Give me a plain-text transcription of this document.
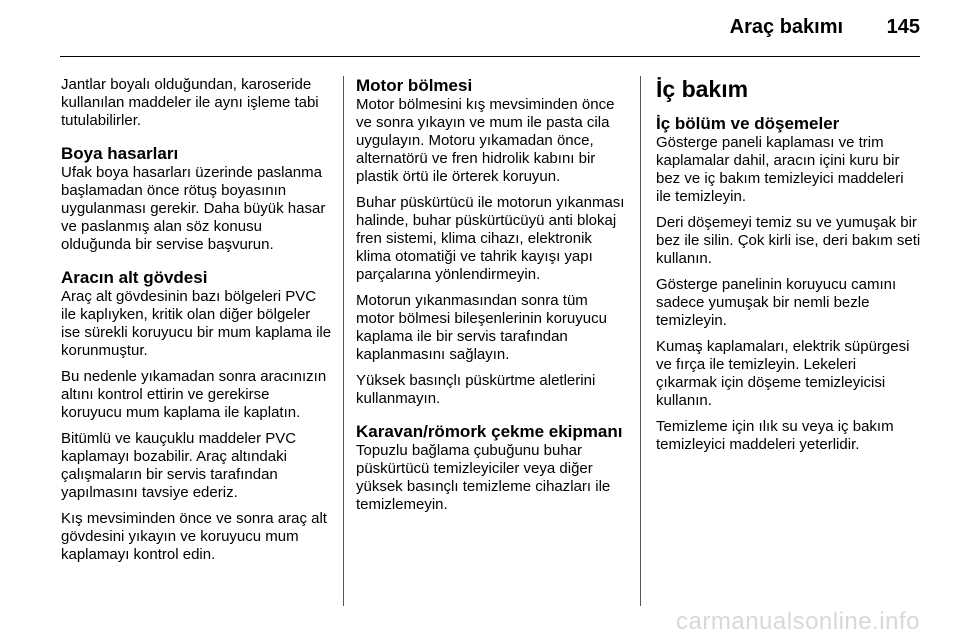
Araç bakımı 145

Jantlar boyalı olduğundan, karoseride kullanılan maddeler ile aynı işleme tabi tutulabilirler.

Boya hasarları

Ufak boya hasarları üzerinde paslanma başlamadan önce rötuş boyasının uygulanması gerekir. Daha büyük hasar ve paslanmış alan söz konusu olduğunda bir servise başvurun.

Aracın alt gövdesi

Araç alt gövdesinin bazı bölgeleri PVC ile kaplıyken, kritik olan diğer bölgeler ise sürekli koruyucu bir mum kaplama ile korunmuştur.

Bu nedenle yıkamadan sonra aracınızın altını kontrol ettirin ve gerekirse koruyucu mum kaplama ile kaplatın.

Bitümlü ve kauçuklu maddeler PVC kaplamayı bozabilir. Araç altındaki çalışmaların bir servis tarafından yapılmasını tavsiye ederiz.

Kış mevsiminden önce ve sonra araç alt gövdesini yıkayın ve koruyucu mum kaplamayı kontrol edin.

Motor bölmesi

Motor bölmesini kış mevsiminden önce ve sonra yıkayın ve mum ile pasta cila uygulayın. Motoru yıkamadan önce, alternatörü ve fren hidrolik kabını bir plastik örtü ile örterek koruyun.

Buhar püskürtücü ile motorun yıkanması halinde, buhar püskürtücüyü anti blokaj fren sistemi, klima cihazı, elektronik klima otomatiği ve tahrik kayışı yapı parçalarına yönlendirmeyin.

Motorun yıkanmasından sonra tüm motor bölmesi bileşenlerinin koruyucu kaplama ile bir servis tarafından kaplanmasını sağlayın.

Yüksek basınçlı püskürtme aletlerini kullanmayın.

Karavan/römork çekme ekipmanı

Topuzlu bağlama çubuğunu buhar püskürtücü temizleyiciler veya diğer yüksek basınçlı temizleme cihazları ile temizlemeyin.

İç bakım
İç bölüm ve döşemeler

Gösterge paneli kaplaması ve trim kaplamalar dahil, aracın içini kuru bir bez ve iç bakım temizleyici maddeleri ile temizleyin.

Deri döşemeyi temiz su ve yumuşak bir bez ile silin. Çok kirli ise, deri bakım seti kullanın.

Gösterge panelinin koruyucu camını sadece yumuşak bir nemli bezle temizleyin.

Kumaş kaplamaları, elektrik süpürgesi ve fırça ile temizleyin. Lekeleri çıkarmak için döşeme temizleyicisi kullanın.

Temizleme için ılık su veya iç bakım temizleyici maddeleri yeterlidir.

carmanualsonline.info
